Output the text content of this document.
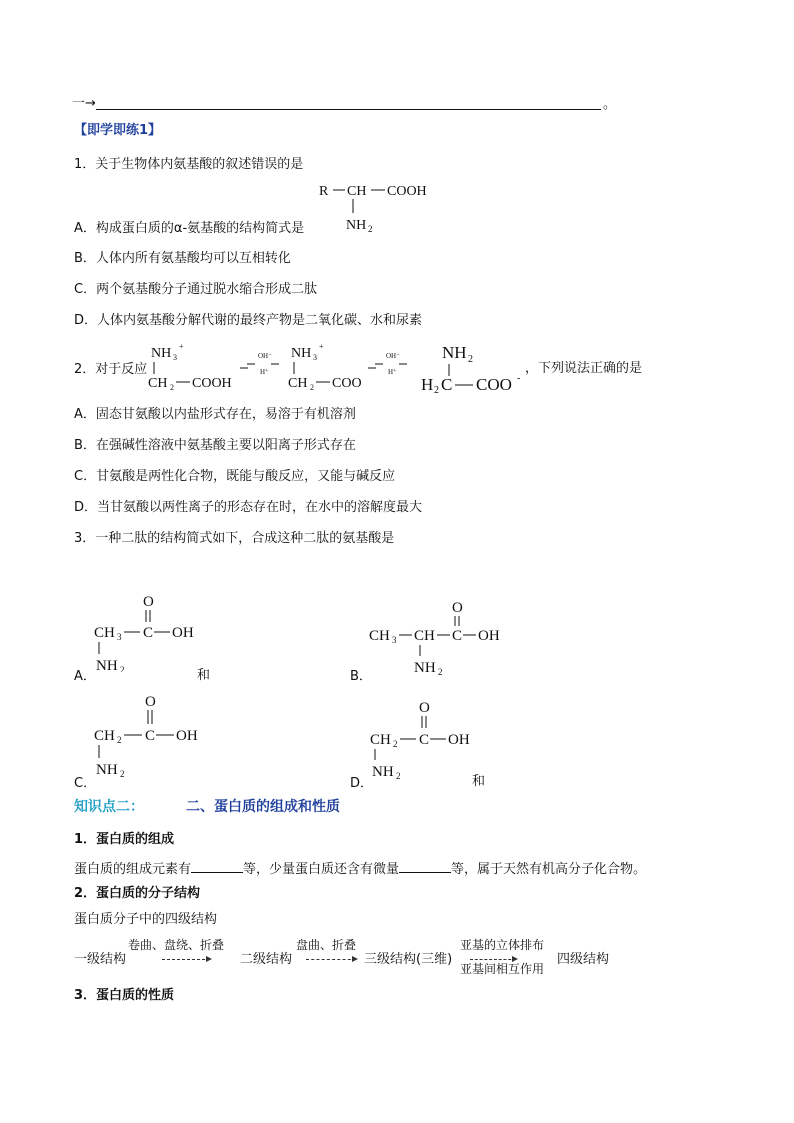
一→	。
【即学即练1】
1．关于生物体内氨基酸的叙述错误的是
R CH COOH
NH 2
A．构成蛋白质的α-氨基酸的结构简式是
B．人体内所有氨基酸均可以互相转化
C．两个氨基酸分子通过脱水缩合形成二肽
D．人体内氨基酸分解代谢的最终产物是二氧化碳、水和尿素
2．对于反应
NH 3
+
CH 2 COOH
OH⁻
H⁺
NH 3
+
CH 2 COO
OH⁻
H⁺
NH 2
H 2 C COO -
，下列说法正确的是
A．固态甘氨酸以内盐形式存在，易溶于有机溶剂
B．在强碱性溶液中氨基酸主要以阳离子形式存在
C．甘氨酸是两性化合物，既能与酸反应，又能与碱反应
D．当甘氨酸以两性离子的形态存在时，在水中的溶解度最大
3．一种二肽的结构简式如下，合成这种二肽的氨基酸是
O
CH 3 C OH
NH 2
A．	和
O
CH 3 CH C OH
NH 2
B．
O
CH 2 C OH
NH 2
C．
O
CH 2 C OH
NH 2
D．	和
知识点二：	二、蛋白质的组成和性质
1．蛋白质的组成
蛋白质的组成元素有	等，少量蛋白质还含有微量	等，属于天然有机高分子化合物。
2．蛋白质的分子结构
蛋白质分子中的四级结构
一级结构
卷曲、盘绕、折叠
二级结构
盘曲、折叠
三级结构(三维)
亚基的立体排布
亚基间相互作用
四级结构
3．蛋白质的性质
